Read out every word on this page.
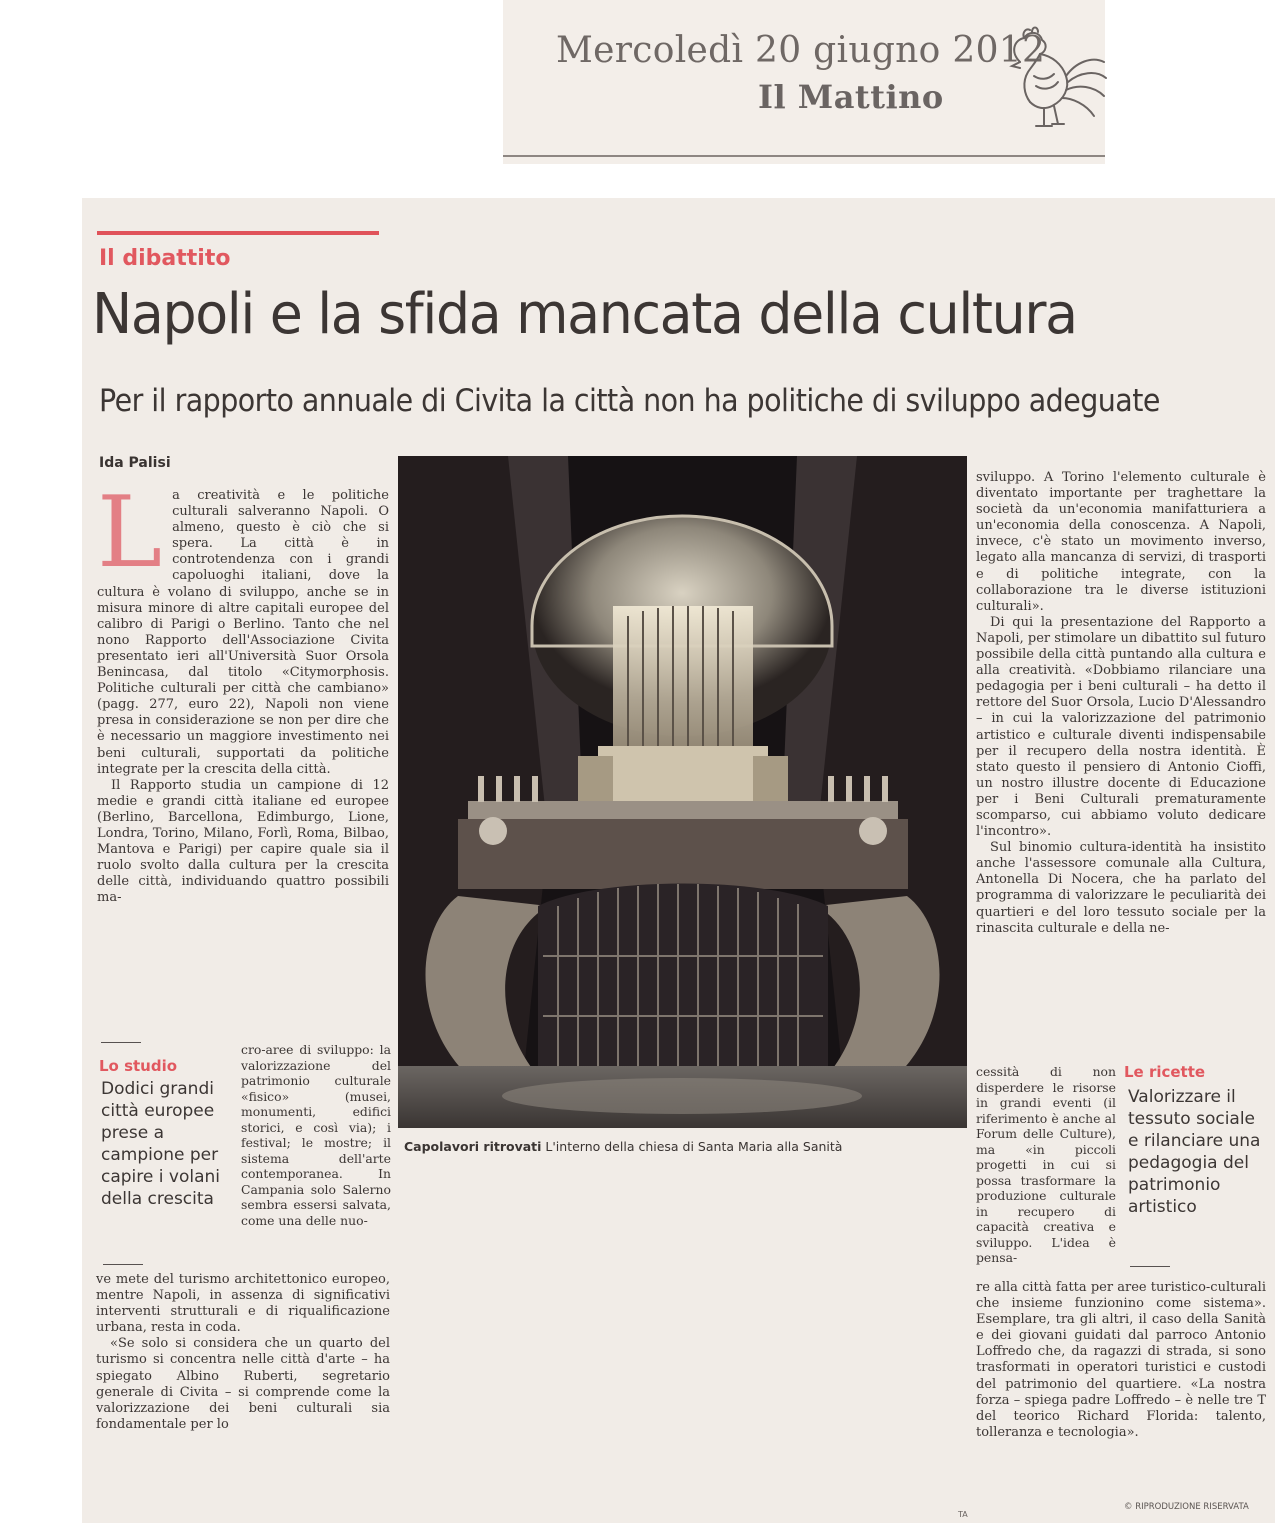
Mercoledì 20 giugno 2012
Il Mattino
Il dibattito
Napoli e la sfida mancata della cultura
Per il rapporto annuale di Civita la città non ha politiche di sviluppo adeguate
Ida Palisi
L a creatività e le politiche culturali salveranno Napoli. O almeno, questo è ciò che si spera. La città è in controtendenza con i grandi capoluoghi italiani, dove la cultura è volano di sviluppo, anche se in misura minore di altre capitali europee del calibro di Parigi o Berlino. Tanto che nel nono Rapporto dell'Associazione Civita presentato ieri all'Università Suor Orsola Benincasa, dal titolo «Citymorphosis. Politiche culturali per città che cambiano» (pagg. 277, euro 22), Napoli non viene presa in considerazione se non per dire che è necessario un maggiore investimento nei beni culturali, supportati da politiche integrate per la crescita della città.

Il Rapporto studia un campione di 12 medie e grandi città italiane ed europee (Berlino, Barcellona, Edimburgo, Lione, Londra, Torino, Milano, Forlì, Roma, Bilbao, Mantova e Parigi) per capire quale sia il ruolo svolto dalla cultura per la crescita delle città, individuando quattro possibili ma-

Lo studio
Dodici grandi città europee prese a campione per capire i volani della crescita

cro-aree di sviluppo: la valorizzazione del patrimonio culturale «fisico» (musei, monumenti, edifici storici, e così via); i festival; le mostre; il sistema dell'arte contemporanea. In Campania solo Salerno sembra essersi salvata, come una delle nuo-

ve mete del turismo architettonico europeo, mentre Napoli, in assenza di significativi interventi strutturali e di riqualificazione urbana, resta in coda.

«Se solo si considera che un quarto del turismo si concentra nelle città d'arte – ha spiegato Albino Ruberti, segretario generale di Civita – si comprende come la valorizzazione dei beni culturali sia fondamentale per lo

Capolavori ritrovati L'interno della chiesa di Santa Maria alla Sanità

sviluppo. A Torino l'elemento culturale è diventato importante per traghettare la società da un'economia manifatturiera a un'economia della conoscenza. A Napoli, invece, c'è stato un movimento inverso, legato alla mancanza di servizi, di trasporti e di politiche integrate, con la collaborazione tra le diverse istituzioni culturali».

Di qui la presentazione del Rapporto a Napoli, per stimolare un dibattito sul futuro possibile della città puntando alla cultura e alla creatività. «Dobbiamo rilanciare una pedagogia per i beni culturali – ha detto il rettore del Suor Orsola, Lucio D'Alessandro – in cui la valorizzazione del patrimonio artistico e culturale diventi indispensabile per il recupero della nostra identità. È stato questo il pensiero di Antonio Cioffi, un nostro illustre docente di Educazione per i Beni Culturali prematuramente scomparso, cui abbiamo voluto dedicare l'incontro».

Sul binomio cultura-identità ha insistito anche l'assessore comunale alla Cultura, Antonella Di Nocera, che ha parlato del programma di valorizzare le peculiarità dei quartieri e del loro tessuto sociale per la rinascita culturale e della ne-

cessità di non disperdere le risorse in grandi eventi (il riferimento è anche al Forum delle Culture), ma «in piccoli progetti in cui si possa trasformare la produzione culturale in recupero di capacità creativa e sviluppo. L'idea è pensa-

Le ricette
Valorizzare il tessuto sociale e rilanciare una pedagogia del patrimonio artistico

re alla città fatta per aree turistico-culturali che insieme funzionino come sistema». Esemplare, tra gli altri, il caso della Sanità e dei giovani guidati dal parroco Antonio Loffredo che, da ragazzi di strada, si sono trasformati in operatori turistici e custodi del patrimonio del quartiere. «La nostra forza – spiega padre Loffredo – è nelle tre T del teorico Richard Florida: talento, tolleranza e tecnologia».

TA
© RIPRODUZIONE RISERVATA
